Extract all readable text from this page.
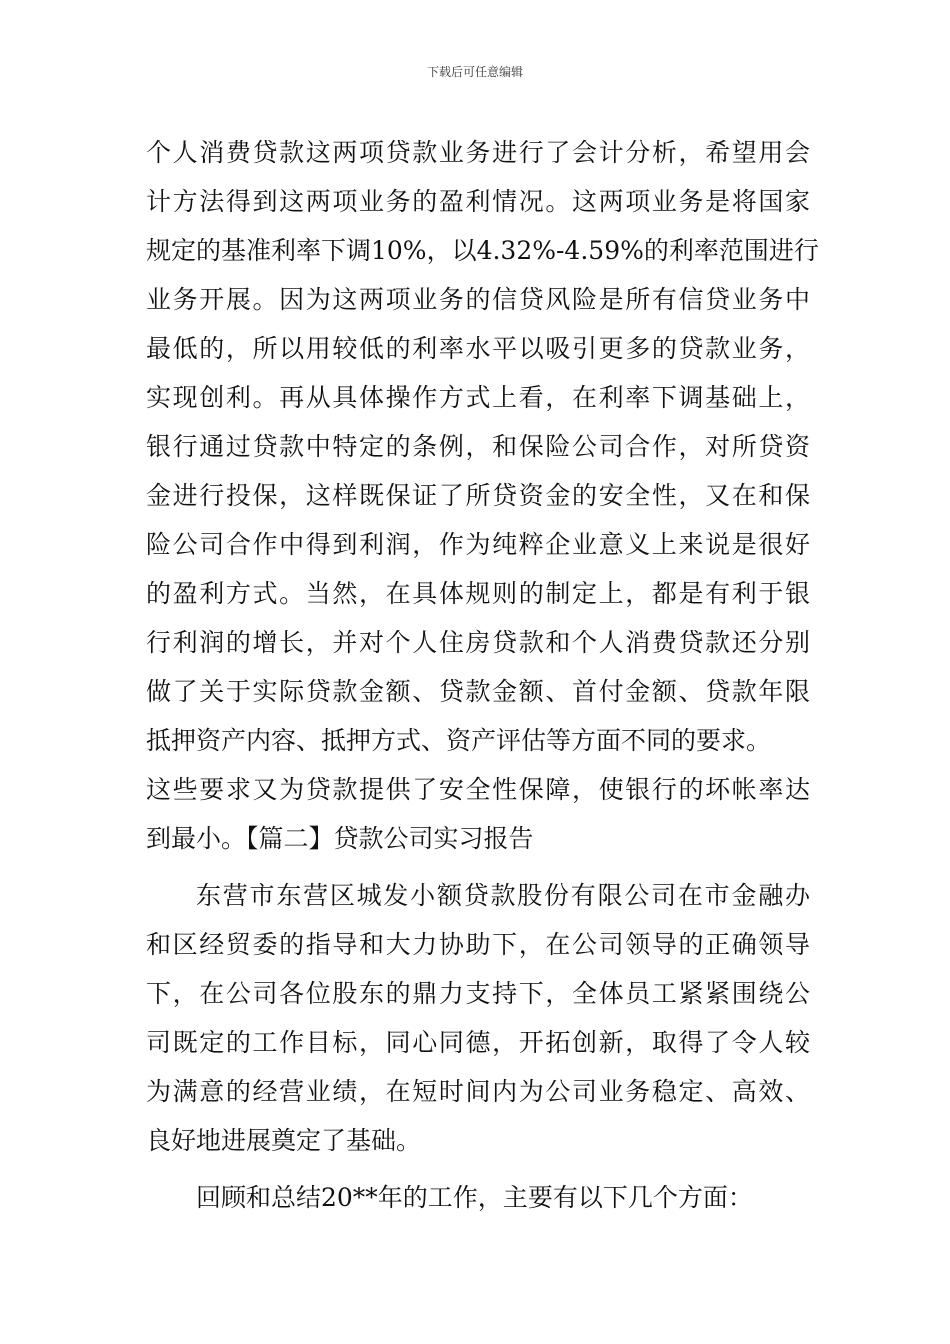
下载后可任意编辑
个人消费贷款这两项贷款业务进行了会计分析，希望用会
计方法得到这两项业务的盈利情况。这两项业务是将国家
规定的基准利率下调10%，以4.32%-4.59%的利率范围进行
业务开展。因为这两项业务的信贷风险是所有信贷业务中
最低的，所以用较低的利率水平以吸引更多的贷款业务，
实现创利。再从具体操作方式上看，在利率下调基础上，
银行通过贷款中特定的条例，和保险公司合作，对所贷资
金进行投保，这样既保证了所贷资金的安全性，又在和保
险公司合作中得到利润，作为纯粹企业意义上来说是很好
的盈利方式。当然，在具体规则的制定上，都是有利于银
行利润的增长，并对个人住房贷款和个人消费贷款还分别
做了关于实际贷款金额、贷款金额、首付金额、贷款年限
抵押资产内容、抵押方式、资产评估等方面不同的要求。
这些要求又为贷款提供了安全性保障，使银行的坏帐率达
到最小。【篇二】贷款公司实习报告
东营市东营区城发小额贷款股份有限公司在市金融办
和区经贸委的指导和大力协助下，在公司领导的正确领导
下，在公司各位股东的鼎力支持下，全体员工紧紧围绕公
司既定的工作目标，同心同德，开拓创新，取得了令人较
为满意的经营业绩，在短时间内为公司业务稳定、高效、
良好地进展奠定了基础。
回顾和总结20**年的工作，主要有以下几个方面：
